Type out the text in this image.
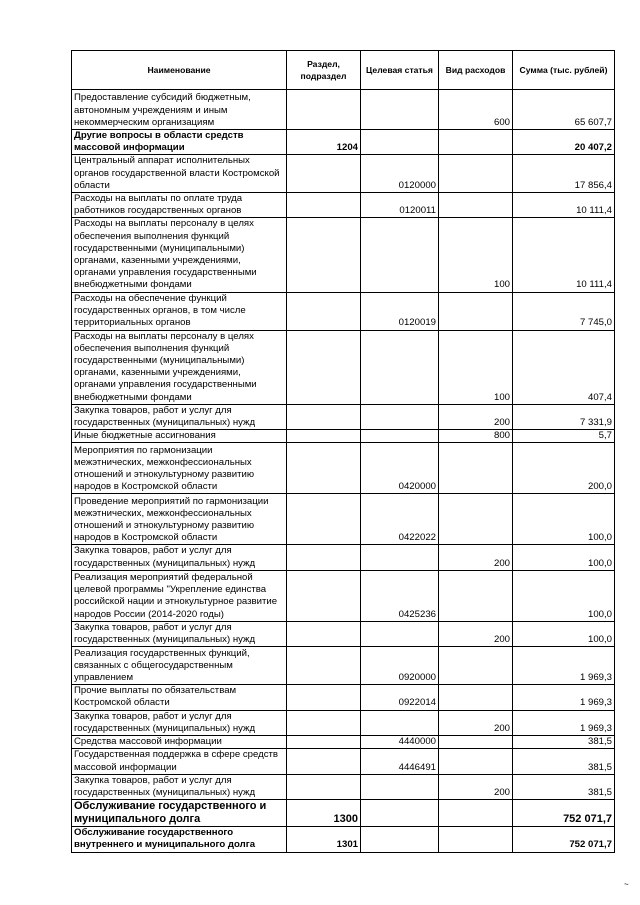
Наименование	Раздел, подраздел	Целевая статья	Вид расходов	Сумма (тыс. рублей)
Предоставление субсидий бюджетным, автономным учреждениям и иным некоммерческим организациям			600	65 607,7
Другие вопросы в области средств массовой информации	1204			20 407,2
Центральный аппарат исполнительных органов государственной власти Костромской области		0120000		17 856,4
Расходы на выплаты по оплате труда работников государственных органов		0120011		10 111,4
Расходы на выплаты персоналу в целях обеспечения выполнения функций государственными (муниципальными) органами, казенными учреждениями, органами управления государственными внебюджетными фондами			100	10 111,4
Расходы на обеспечение функций государственных органов, в том числе территориальных органов		0120019		7 745,0
Расходы на выплаты персоналу в целях обеспечения выполнения функций государственными (муниципальными) органами, казенными учреждениями, органами управления государственными внебюджетными фондами			100	407,4
Закупка товаров, работ и услуг для государственных (муниципальных) нужд			200	7 331,9
Иные бюджетные ассигнования			800	5,7
Мероприятия по гармонизации межэтнических, межконфессиональных отношений и этнокультурному развитию народов в Костромской области		0420000		200,0
Проведение мероприятий по гармонизации межэтнических, межконфессиональных отношений и этнокультурному развитию народов в Костромской области		0422022		100,0
Закупка товаров, работ и услуг для государственных (муниципальных) нужд			200	100,0
Реализация мероприятий федеральной целевой программы "Укрепление единства российской нации и этнокультурное развитие народов России (2014-2020 годы)		0425236		100,0
Закупка товаров, работ и услуг для государственных (муниципальных) нужд			200	100,0
Реализация государственных функций, связанных с общегосударственным управлением		0920000		1 969,3
Прочие выплаты по обязательствам Костромской области		0922014		1 969,3
Закупка товаров, работ и услуг для государственных (муниципальных) нужд			200	1 969,3
Средства массовой информации		4440000		381,5
Государственная поддержка в сфере средств массовой информации		4446491		381,5
Закупка товаров, работ и услуг для государственных (муниципальных) нужд			200	381,5
Обслуживание государственного и муниципального долга	1300			752 071,7
Обслуживание государственного внутреннего и муниципального долга	1301			752 071,7
~
